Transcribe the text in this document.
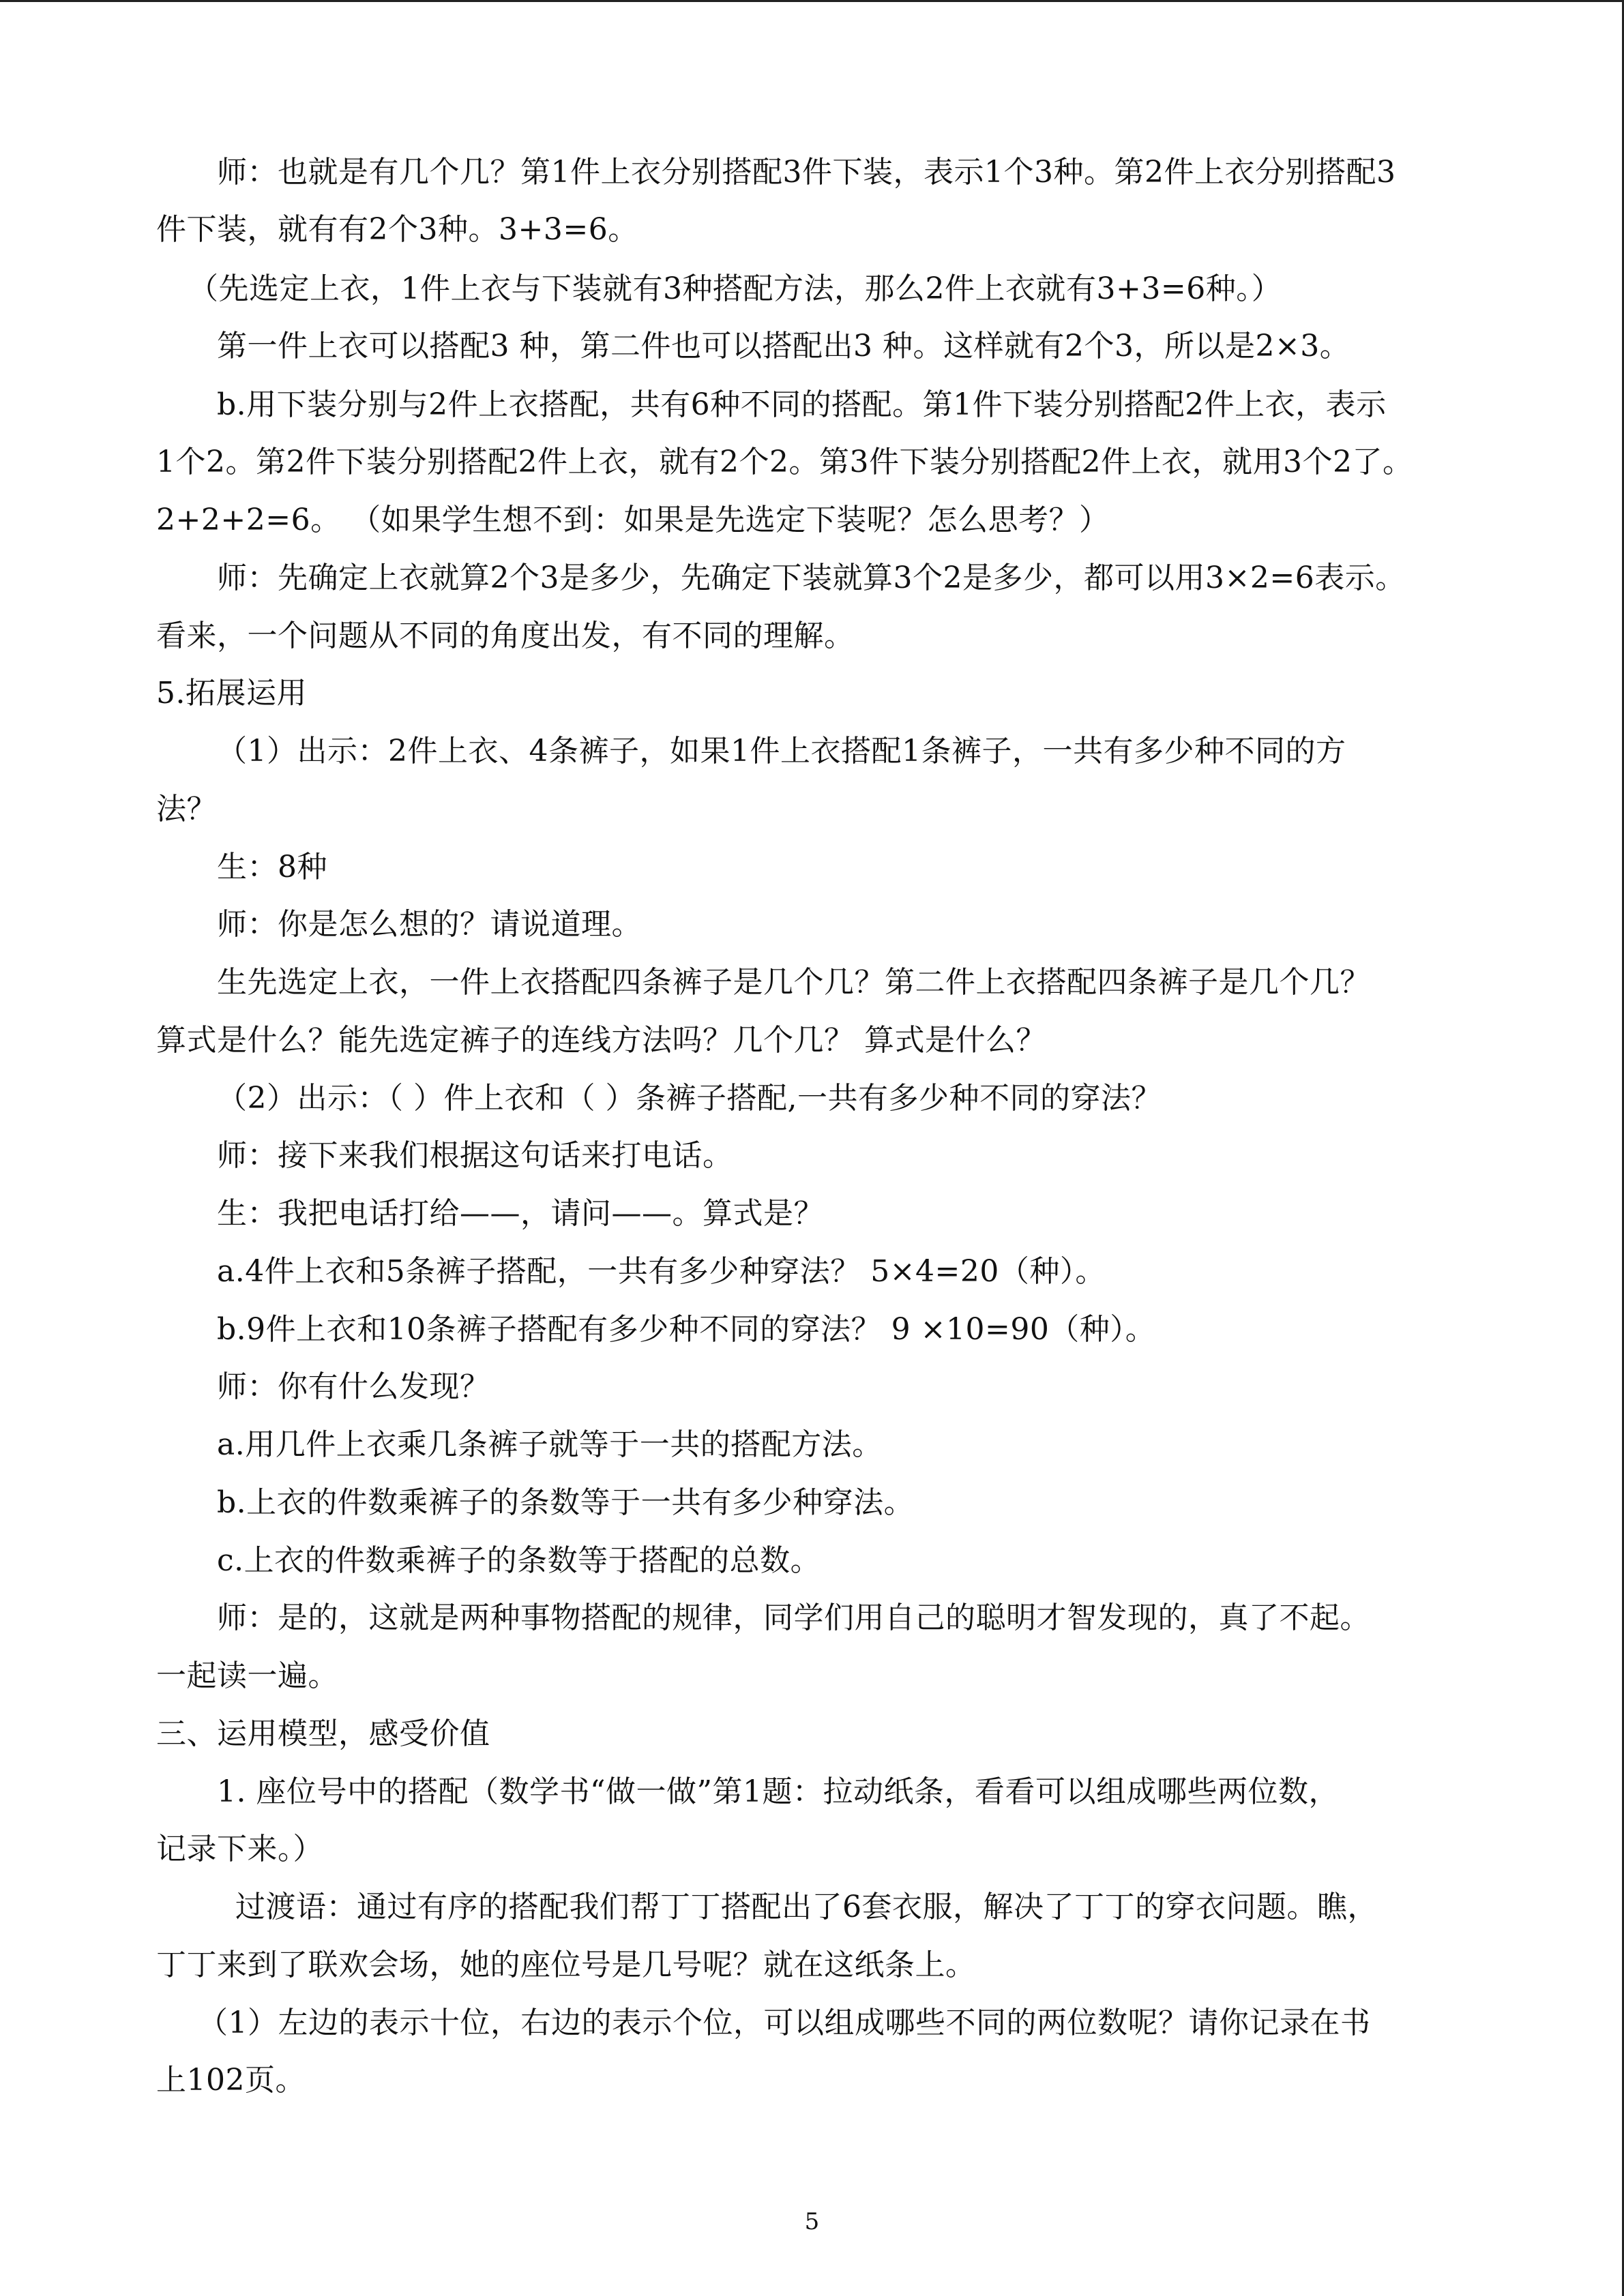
师：也就是有几个几？第1件上衣分别搭配3件下装，表示1个3种。第2件上衣分别搭配3
件下装，就有有2个3种。3+3=6。
（先选定上衣，1件上衣与下装就有3种搭配方法，那么2件上衣就有3+3=6种。）
第一件上衣可以搭配3 种，第二件也可以搭配出3 种。这样就有2个3，所以是2×3。
b.用下装分别与2件上衣搭配，共有6种不同的搭配。第1件下装分别搭配2件上衣，表示
1个2。第2件下装分别搭配2件上衣，就有2个2。第3件下装分别搭配2件上衣，就用3个2了。
2+2+2=6。 （如果学生想不到：如果是先选定下装呢？怎么思考？）
师：先确定上衣就算2个3是多少，先确定下装就算3个2是多少，都可以用3×2=6表示。
看来，一个问题从不同的角度出发，有不同的理解。
5.拓展运用
（1）出示：2件上衣、4条裤子，如果1件上衣搭配1条裤子，一共有多少种不同的方
法？
生：8种
师：你是怎么想的？请说道理。
生先选定上衣，一件上衣搭配四条裤子是几个几？第二件上衣搭配四条裤子是几个几？
算式是什么？能先选定裤子的连线方法吗？几个几？ 算式是什么？
（2）出示：（ ）件上衣和（ ）条裤子搭配,一共有多少种不同的穿法？
师：接下来我们根据这句话来打电话。
生：我把电话打给——，请问——。算式是？
a.4件上衣和5条裤子搭配，一共有多少种穿法？ 5×4=20（种）。
b.9件上衣和10条裤子搭配有多少种不同的穿法？ 9 ×10=90（种）。
师：你有什么发现？
a.用几件上衣乘几条裤子就等于一共的搭配方法。
b.上衣的件数乘裤子的条数等于一共有多少种穿法。
c.上衣的件数乘裤子的条数等于搭配的总数。
师：是的，这就是两种事物搭配的规律，同学们用自己的聪明才智发现的，真了不起。
一起读一遍。
三、运用模型，感受价值
1. 座位号中的搭配（数学书“做一做”第1题：拉动纸条，看看可以组成哪些两位数，
记录下来。）
过渡语：通过有序的搭配我们帮丁丁搭配出了6套衣服，解决了丁丁的穿衣问题。瞧，
丁丁来到了联欢会场，她的座位号是几号呢？就在这纸条上。
（1）左边的表示十位，右边的表示个位，可以组成哪些不同的两位数呢？请你记录在书
上102页。
5
